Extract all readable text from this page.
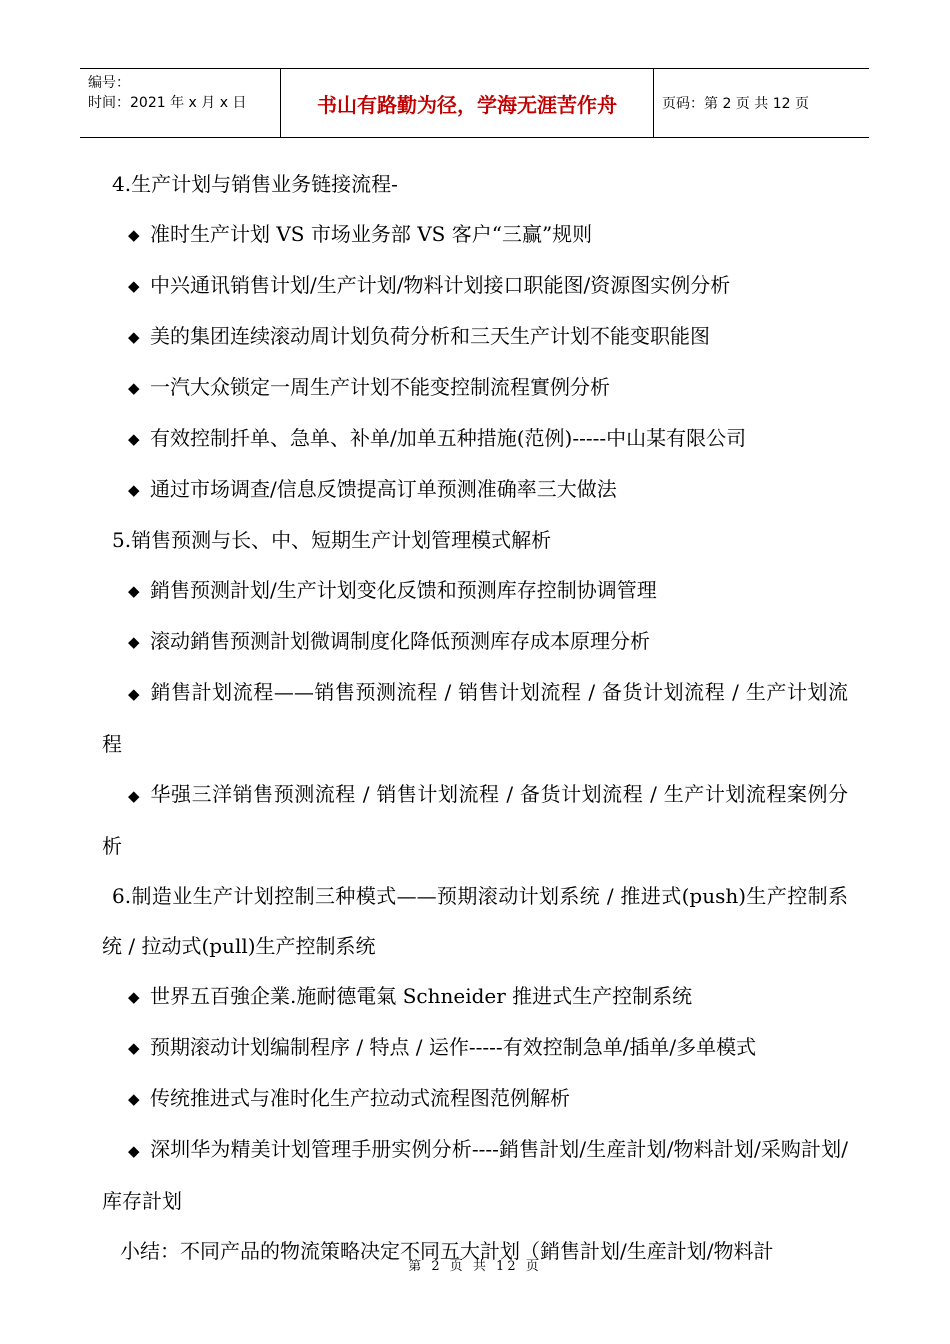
编号：
时间：2021 年 x 月 x 日	书山有路勤为径，学海无涯苦作舟	页码：第 2 页 共 12 页
4.生产计划与销售业务链接流程-
◆ 准时生产计划 VS 市场业务部 VS 客户“三赢”规则
◆ 中兴通讯销售计划/生产计划/物料计划接口职能图/资源图实例分析
◆ 美的集团连续滚动周计划负荷分析和三天生产计划不能变职能图
◆ 一汽大众锁定一周生产计划不能变控制流程實例分析
◆ 有效控制扦单、急单、补单/加单五种措施(范例)-----中山某有限公司
◆ 通过市场调查/信息反馈提高订单预测准确率三大做法
5.销售预测与长、中、短期生产计划管理模式解析
◆ 銷售预测計划/生产计划变化反馈和预测库存控制协调管理
◆ 滚动銷售预测計划微调制度化降低预测库存成本原理分析
◆ 銷售計划流程——销售预测流程 / 销售计划流程 / 备货计划流程 / 生产计划流程
◆ 华强三洋销售预测流程 / 销售计划流程 / 备货计划流程 / 生产计划流程案例分析
6.制造业生产计划控制三种模式——预期滚动计划系统 / 推进式(push)生产控制系统 / 拉动式(pull)生产控制系统
◆ 世界五百強企業.施耐德電氣 Schneider 推进式生产控制系统
◆ 预期滚动计划编制程序 / 特点 / 运作-----有效控制急单/插单/多单模式
◆ 传统推进式与准时化生产拉动式流程图范例解析
◆ 深圳华为精美计划管理手册实例分析----銷售計划/生産計划/物料計划/采购計划/库存計划
小结：不同产品的物流策略决定不同五大計划（銷售計划/生産計划/物料計
第 2 页 共 12 页
